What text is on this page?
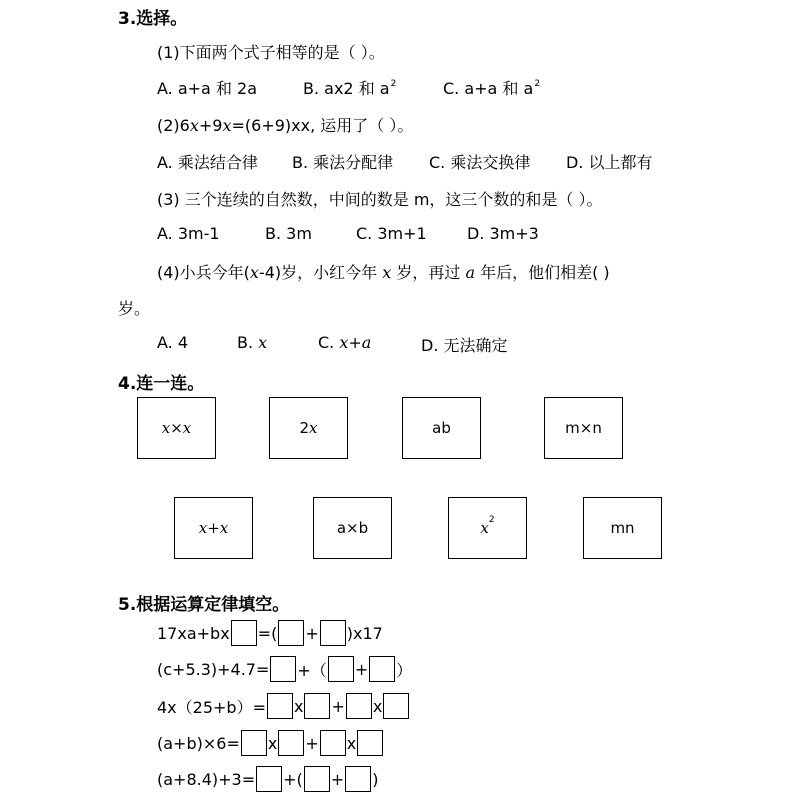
3.选择。
(1)下面两个式子相等的是（ ）。
A. a+a 和 2a	B. ax2 和 $a^2$	C. a+a 和 $a^2$
(2)6x+9x=(6+9)xx, 运用了（ ）。
A. 乘法结合律 B. 乘法分配律 C. 乘法交换律 D. 以上都有
(3) 三个连续的自然数，中间的数是 m，这三个数的和是（ ）。
A. 3m-1	B. 3m	C. 3m+1	D. 3m+3
(4)小兵今年(x-4)岁，小红今年 x 岁，再过 a 年后，他们相差( )
岁。
A. 4	B. x	C. x+a	D. 无法确定
4.连一连。
x×x	2 x	ab	m×n
x+x	a×b	x 2	mn
5.根据运算定律填空。
17xa+bx =( + )x17
(c+5.3)+4.7= +（ + ）
4x（25+b）= x + x
(a+b)×6= x + x
(a+8.4)+3= +( + )
